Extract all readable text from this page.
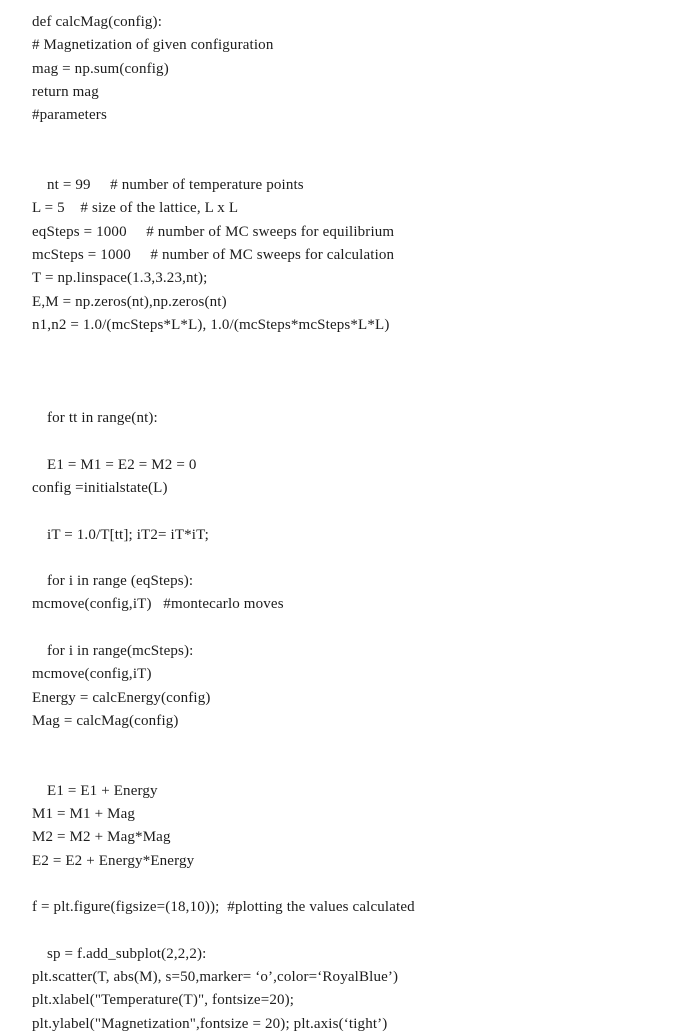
def calcMag(config):
# Magnetization of given configuration
mag = np.sum(config)
return mag
#parameters
nt = 99     # number of temperature points
L = 5    # size of the lattice, L x L
eqSteps = 1000     # number of MC sweeps for equilibrium
mcSteps = 1000     # number of MC sweeps for calculation
T = np.linspace(1.3,3.23,nt);
E,M = np.zeros(nt),np.zeros(nt)
n1,n2 = 1.0/(mcSteps*L*L), 1.0/(mcSteps*mcSteps*L*L)
for tt in range(nt):
E1 = M1 = E2 = M2 = 0
config =initialstate(L)
iT = 1.0/T[tt]; iT2= iT*iT;
for i in range (eqSteps):
mcmove(config,iT)   #montecarlo moves
for i in range(mcSteps):
mcmove(config,iT)
Energy = calcEnergy(config)
Mag = calcMag(config)
E1 = E1 + Energy
M1 = M1 + Mag
M2 = M2 + Mag*Mag
E2 = E2 + Energy*Energy
f = plt.figure(figsize=(18,10));  #plotting the values calculated
sp = f.add_subplot(2,2,2):
plt.scatter(T, abs(M), s=50,marker= ‘o’,color=‘RoyalBlue’)
plt.xlabel("Temperature(T)", fontsize=20);
plt.ylabel("Magnetization",fontsize = 20); plt.axis(‘tight’)
